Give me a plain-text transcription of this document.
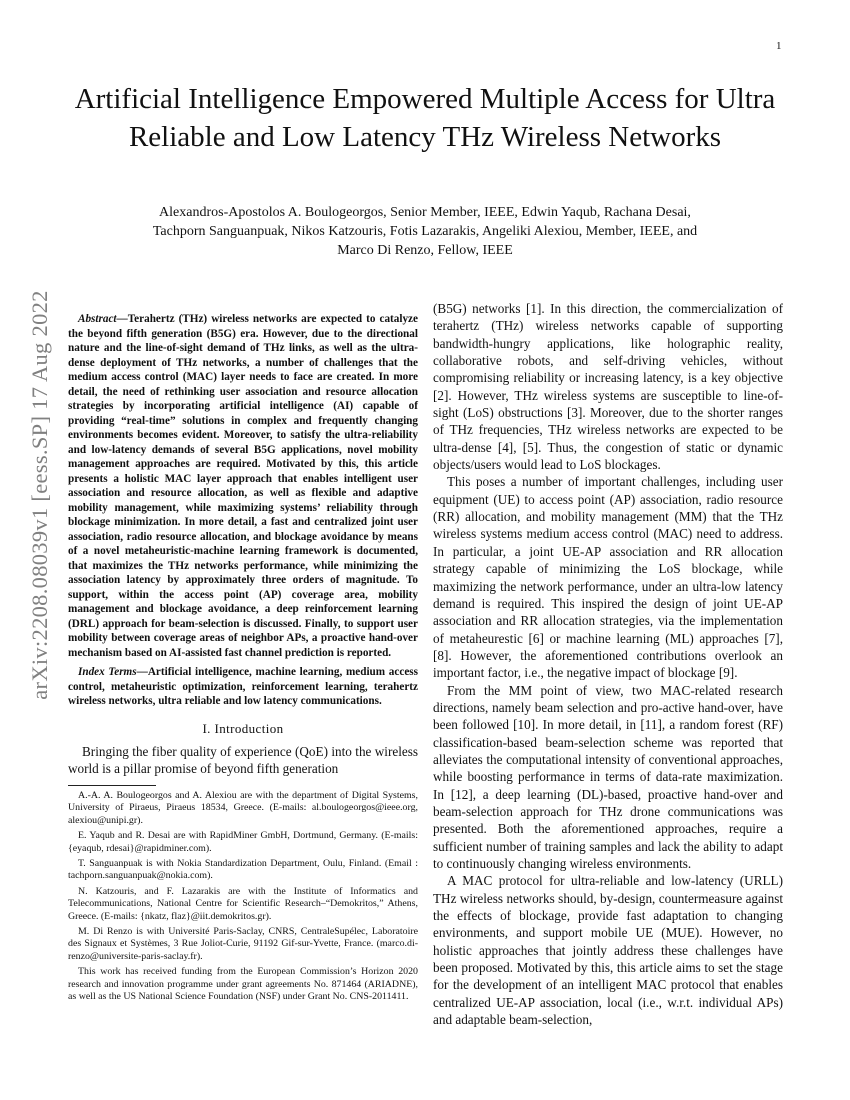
1
arXiv:2208.08039v1 [eess.SP] 17 Aug 2022
Artificial Intelligence Empowered Multiple Access for Ultra Reliable and Low Latency THz Wireless Networks
Alexandros-Apostolos A. Boulogeorgos, Senior Member, IEEE, Edwin Yaqub, Rachana Desai,
Tachporn Sanguanpuak, Nikos Katzouris, Fotis Lazarakis, Angeliki Alexiou, Member, IEEE, and
Marco Di Renzo, Fellow, IEEE

Abstract—Terahertz (THz) wireless networks are expected to catalyze the beyond fifth generation (B5G) era. However, due to the directional nature and the line-of-sight demand of THz links, as well as the ultra-dense deployment of THz networks, a number of challenges that the medium access control (MAC) layer needs to face are created. In more detail, the need of rethinking user association and resource allocation strategies by incorporating artificial intelligence (AI) capable of providing “real-time” solutions in complex and frequently changing environments becomes evident. Moreover, to satisfy the ultra-reliability and low-latency demands of several B5G applications, novel mobility management approaches are required. Motivated by this, this article presents a holistic MAC layer approach that enables intelligent user association and resource allocation, as well as flexible and adaptive mobility management, while maximizing systems’ reliability through blockage minimization. In more detail, a fast and centralized joint user association, radio resource allocation, and blockage avoidance by means of a novel metaheuristic-machine learning framework is documented, that maximizes the THz networks performance, while minimizing the association latency by approximately three orders of magnitude. To support, within the access point (AP) coverage area, mobility management and blockage avoidance, a deep reinforcement learning (DRL) approach for beam-selection is discussed. Finally, to support user mobility between coverage areas of neighbor APs, a proactive hand-over mechanism based on AI-assisted fast channel prediction is reported.

Index Terms—Artificial intelligence, machine learning, medium access control, metaheuristic optimization, reinforcement learning, terahertz wireless networks, ultra reliable and low latency communications.

I. Introduction

Bringing the fiber quality of experience (QoE) into the wireless world is a pillar promise of beyond fifth generation

A.-A. A. Boulogeorgos and A. Alexiou are with the department of Digital Systems, University of Piraeus, Piraeus 18534, Greece. (E-mails: al.boulogeorgos@ieee.org, alexiou@unipi.gr).

E. Yaqub and R. Desai are with RapidMiner GmbH, Dortmund, Germany. (E-mails: {eyaqub, rdesai}@rapidminer.com).

T. Sanguanpuak is with Nokia Standardization Department, Oulu, Finland. (Email : tachporn.sanguanpuak@nokia.com).

N. Katzouris, and F. Lazarakis are with the Institute of Informatics and Telecommunications, National Centre for Scientific Research–“Demokritos,” Athens, Greece. (E-mails: {nkatz, flaz}@iit.demokritos.gr).

M. Di Renzo is with Université Paris-Saclay, CNRS, CentraleSupélec, Laboratoire des Signaux et Systèmes, 3 Rue Joliot-Curie, 91192 Gif-sur-Yvette, France. (marco.di-renzo@universite-paris-saclay.fr).

This work has received funding from the European Commission’s Horizon 2020 research and innovation programme under grant agreements No. 871464 (ARIADNE), as well as the US National Science Foundation (NSF) under Grant No. CNS-2011411.

(B5G) networks [1]. In this direction, the commercialization of terahertz (THz) wireless networks capable of supporting bandwidth-hungry applications, like holographic reality, collaborative robots, and self-driving vehicles, without compromising reliability or increasing latency, is a key objective [2]. However, THz wireless systems are susceptible to line-of-sight (LoS) obstructions [3]. Moreover, due to the shorter ranges of THz frequencies, THz wireless networks are expected to be ultra-dense [4], [5]. Thus, the congestion of static or dynamic objects/users would lead to LoS blockages.

This poses a number of important challenges, including user equipment (UE) to access point (AP) association, radio resource (RR) allocation, and mobility management (MM) that the THz wireless systems medium access control (MAC) need to address. In particular, a joint UE-AP association and RR allocation strategy capable of minimizing the LoS blockage, while maximizing the network performance, under an ultra-low latency demand is required. This inspired the design of joint UE-AP association and RR allocation strategies, via the implementation of metaheurestic [6] or machine learning (ML) approaches [7], [8]. However, the aforementioned contributions overlook an important factor, i.e., the negative impact of blockage [9].

From the MM point of view, two MAC-related research directions, namely beam selection and pro-active hand-over, have been followed [10]. In more detail, in [11], a random forest (RF) classification-based beam-selection scheme was reported that alleviates the computational intensity of conventional approaches, while boosting performance in terms of data-rate maximization. In [12], a deep learning (DL)-based, proactive hand-over and beam-selection approach for THz drone communications was presented. Both the aforementioned approaches, require a sufficient number of training samples and lack the ability to adapt to continuously changing wireless environments.

A MAC protocol for ultra-reliable and low-latency (URLL) THz wireless networks should, by-design, countermeasure against the effects of blockage, provide fast adaptation to changing environments, and support mobile UE (MUE). However, no holistic approaches that jointly address these challenges have been proposed. Motivated by this, this article aims to set the stage for the development of an intelligent MAC protocol that enables centralized UE-AP association, local (i.e., w.r.t. individual APs) and adaptable beam-selection,
